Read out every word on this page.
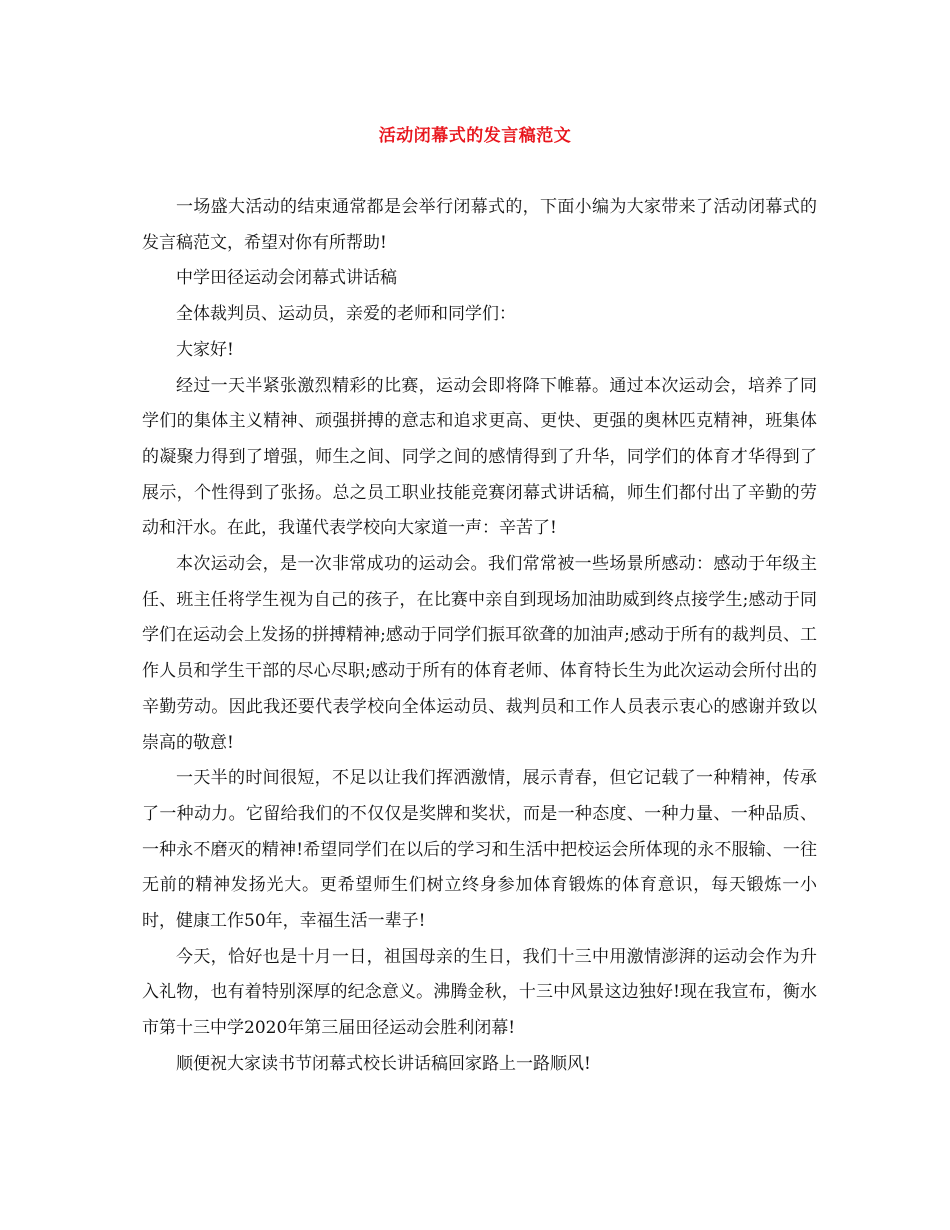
活动闭幕式的发言稿范文

一场盛大活动的结束通常都是会举行闭幕式的，下面小编为大家带来了活动闭幕式的发言稿范文，希望对你有所帮助!

中学田径运动会闭幕式讲话稿

全体裁判员、运动员，亲爱的老师和同学们：

大家好!

经过一天半紧张激烈精彩的比赛，运动会即将降下帷幕。通过本次运动会，培养了同学们的集体主义精神、顽强拼搏的意志和追求更高、更快、更强的奥林匹克精神，班集体的凝聚力得到了增强，师生之间、同学之间的感情得到了升华，同学们的体育才华得到了展示，个性得到了张扬。总之员工职业技能竞赛闭幕式讲话稿，师生们都付出了辛勤的劳动和汗水。在此，我谨代表学校向大家道一声：辛苦了!

本次运动会，是一次非常成功的运动会。我们常常被一些场景所感动：感动于年级主任、班主任将学生视为自己的孩子，在比赛中亲自到现场加油助威到终点接学生;感动于同学们在运动会上发扬的拼搏精神;感动于同学们振耳欲聋的加油声;感动于所有的裁判员、工作人员和学生干部的尽心尽职;感动于所有的体育老师、体育特长生为此次运动会所付出的辛勤劳动。因此我还要代表学校向全体运动员、裁判员和工作人员表示衷心的感谢并致以崇高的敬意!

一天半的时间很短，不足以让我们挥洒激情，展示青春，但它记载了一种精神，传承了一种动力。它留给我们的不仅仅是奖牌和奖状，而是一种态度、一种力量、一种品质、一种永不磨灭的精神!希望同学们在以后的学习和生活中把校运会所体现的永不服输、一往无前的精神发扬光大。更希望师生们树立终身参加体育锻炼的体育意识，每天锻炼一小时，健康工作50年，幸福生活一辈子!

今天，恰好也是十月一日，祖国母亲的生日，我们十三中用激情澎湃的运动会作为升入礼物，也有着特别深厚的纪念意义。沸腾金秋，十三中风景这边独好!现在我宣布，衡水市第十三中学2020年第三届田径运动会胜利闭幕!

顺便祝大家读书节闭幕式校长讲话稿回家路上一路顺风!
